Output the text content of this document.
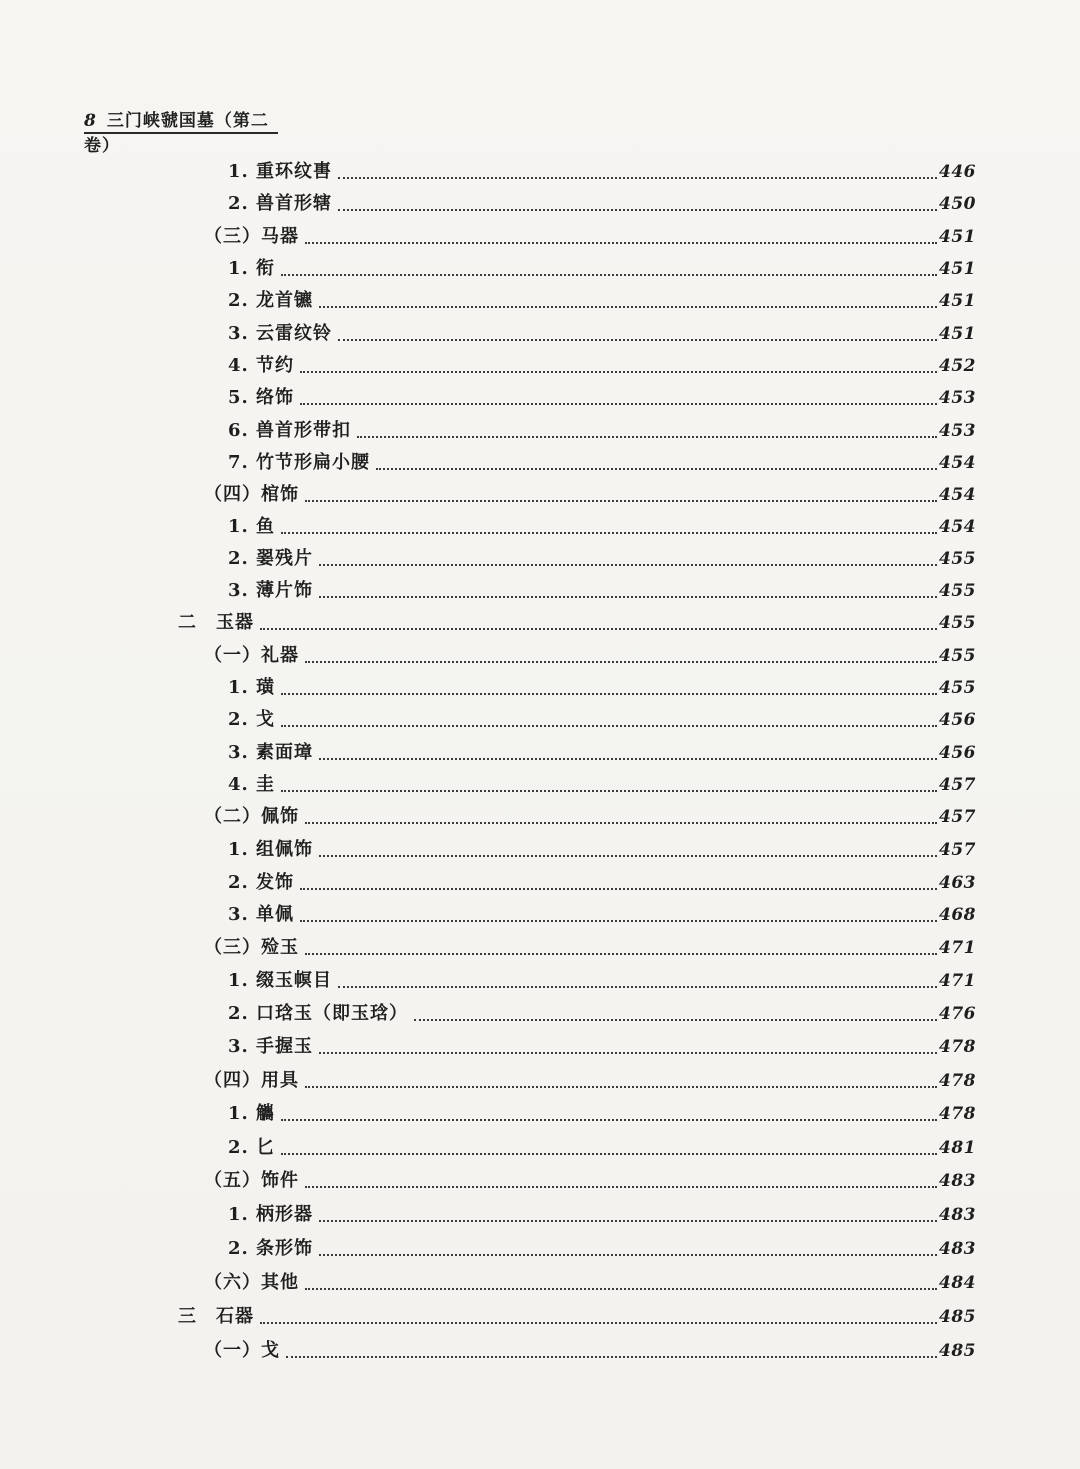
8 三门峡虢国墓（第二卷）
1. 重环纹軎	446
2. 兽首形辖	450
（三）马器	451
1. 衔	451
2. 龙首镳	451
3. 云雷纹铃	451
4. 节约	452
5. 络饰	453
6. 兽首形带扣	453
7. 竹节形扁小腰	454
（四）棺饰	454
1. 鱼	454
2. 翣残片	455
3. 薄片饰	455
二　玉器	455
（一）礼器	455
1. 璜	455
2. 戈	456
3. 素面璋	456
4. 圭	457
（二）佩饰	457
1. 组佩饰	457
2. 发饰	463
3. 单佩	468
（三）殓玉	471
1. 缀玉幎目	471
2. 口琀玉（即玉琀）	476
3. 手握玉	478
（四）用具	478
1. 觿	478
2. 匕	481
（五）饰件	483
1. 柄形器	483
2. 条形饰	483
（六）其他	484
三　石器	485
（一）戈	485
